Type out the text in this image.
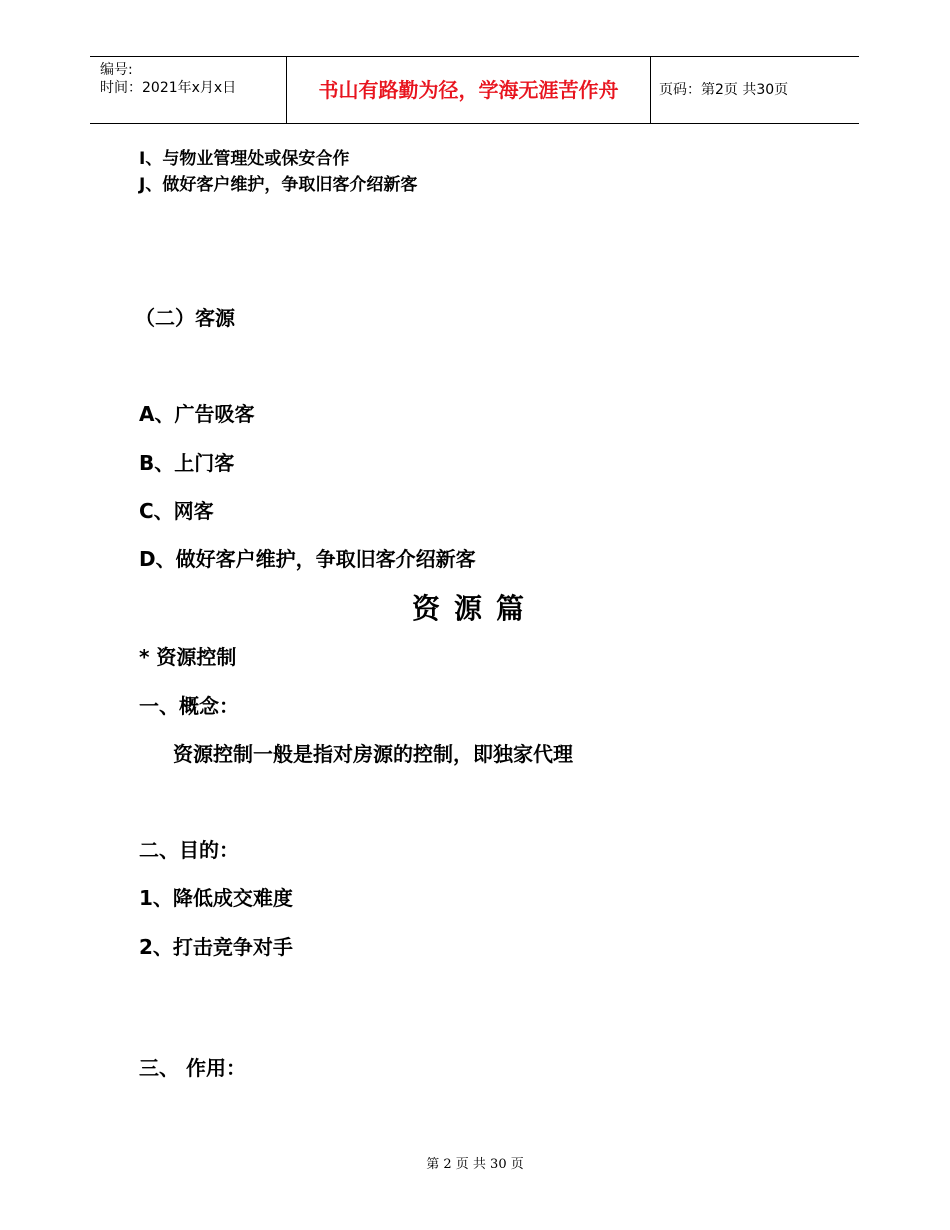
编号:
时间：2021年x月x日	书山有路勤为径，学海无涯苦作舟	页码：第2页 共30页
I、与物业管理处或保安合作
J、做好客户维护，争取旧客介绍新客
（二）客源
A、广告吸客
B、上门客
C、网客
D、做好客户维护，争取旧客介绍新客
资源篇
* 资源控制
一、概念：
资源控制一般是指对房源的控制，即独家代理
二、目的：
1、降低成交难度
2、打击竞争对手
三、 作用：
第 2 页 共 30 页
